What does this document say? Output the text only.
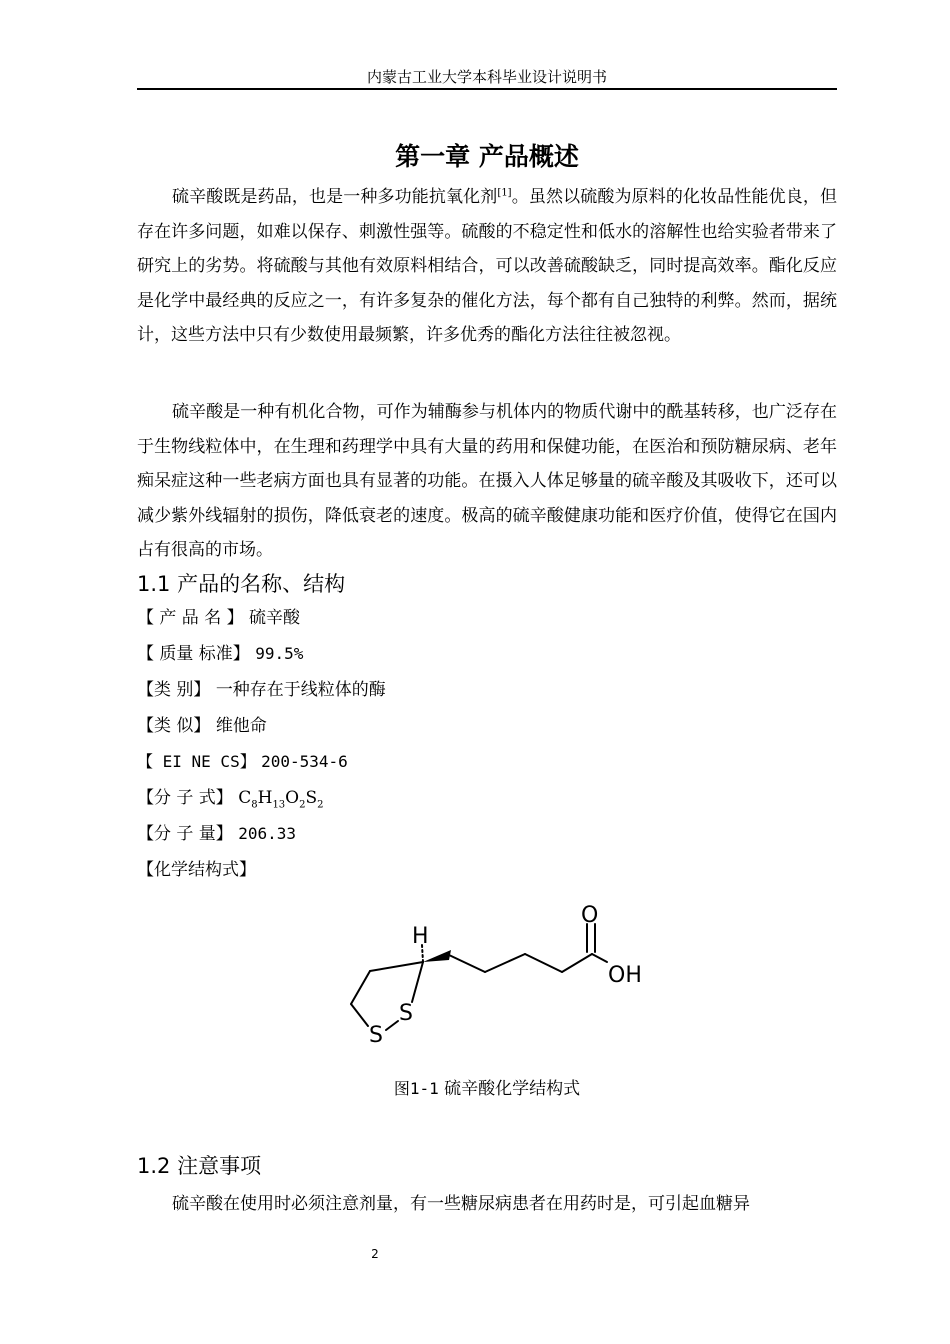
内蒙古工业大学本科毕业设计说明书
第一章 产品概述

硫辛酸既是药品，也是一种多功能抗氧化剂[1]。虽然以硫酸为原料的化妆品性能优良，但存在许多问题，如难以保存、刺激性强等。硫酸的不稳定性和低水的溶解性也给实验者带来了研究上的劣势。将硫酸与其他有效原料相结合，可以改善硫酸缺乏，同时提高效率。酯化反应是化学中最经典的反应之一，有许多复杂的催化方法，每个都有自己独特的利弊。然而，据统计，这些方法中只有少数使用最频繁，许多优秀的酯化方法往往被忽视。

硫辛酸是一种有机化合物，可作为辅酶参与机体内的物质代谢中的酰基转移，也广泛存在于生物线粒体中，在生理和药理学中具有大量的药用和保健功能，在医治和预防糖尿病、老年痴呆症这种一些老病方面也具有显著的功能。在摄入人体足够量的硫辛酸及其吸收下，还可以减少紫外线辐射的损伤，降低衰老的速度。极高的硫辛酸健康功能和医疗价值，使得它在国内占有很高的市场。

1.1 产品的名称、结构
【 产 品 名 】 硫辛酸
【 质量 标准】 99.5%
【类 别】 一种存在于线粒体的酶
【类 似】 维他命
【 EI NE CS】 200-534-6
【分 子 式】 $C_8H_{13}O_2S_2$
【分 子 量】 206.33
【化学结构式】
H
O
OH
S
S
图1-1 硫辛酸化学结构式
1.2 注意事项

硫辛酸在使用时必须注意剂量，有一些糖尿病患者在用药时是，可引起血糖异

2
